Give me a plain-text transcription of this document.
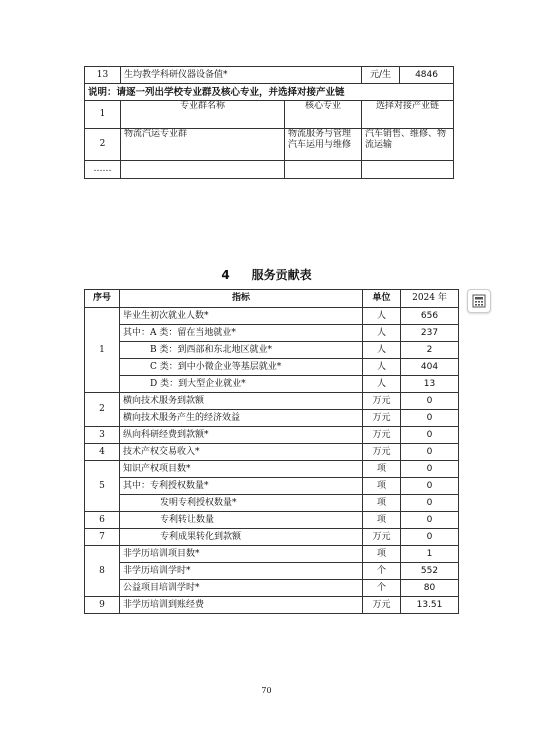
13	生均教学科研仪器设备值*		元/生	4846
说明：请逐一列出学校专业群及核心专业，并选择对接产业链				
1	专业群名称	核心专业	选择对接产业链	
2	物流汽运专业群	物流服务与管理汽车运用与维修	汽车销售、维修、物流运输	
……				
4 服务贡献表
序号	指标	单位	2024 年
1	毕业生初次就业人数*	人	656
	其中：A 类：留在当地就业*	人	237
	B 类：到西部和东北地区就业*	人	2
	C 类：到中小微企业等基层就业*	人	404
	D 类：到大型企业就业*	人	13
2	横向技术服务到款额	万元	0
	横向技术服务产生的经济效益	万元	0
3	纵向科研经费到款额*	万元	0
4	技术产权交易收入*	万元	0
5	知识产权项目数*	项	0
	其中：专利授权数量*	项	0
	发明专利授权数量*	项	0
6	专利转让数量	项	0
7	专利成果转化到款额	万元	0
8	非学历培训项目数*	项	1
	非学历培训学时*	个	552
	公益项目培训学时*	个	80
9	非学历培训到账经费	万元	13.51
70
